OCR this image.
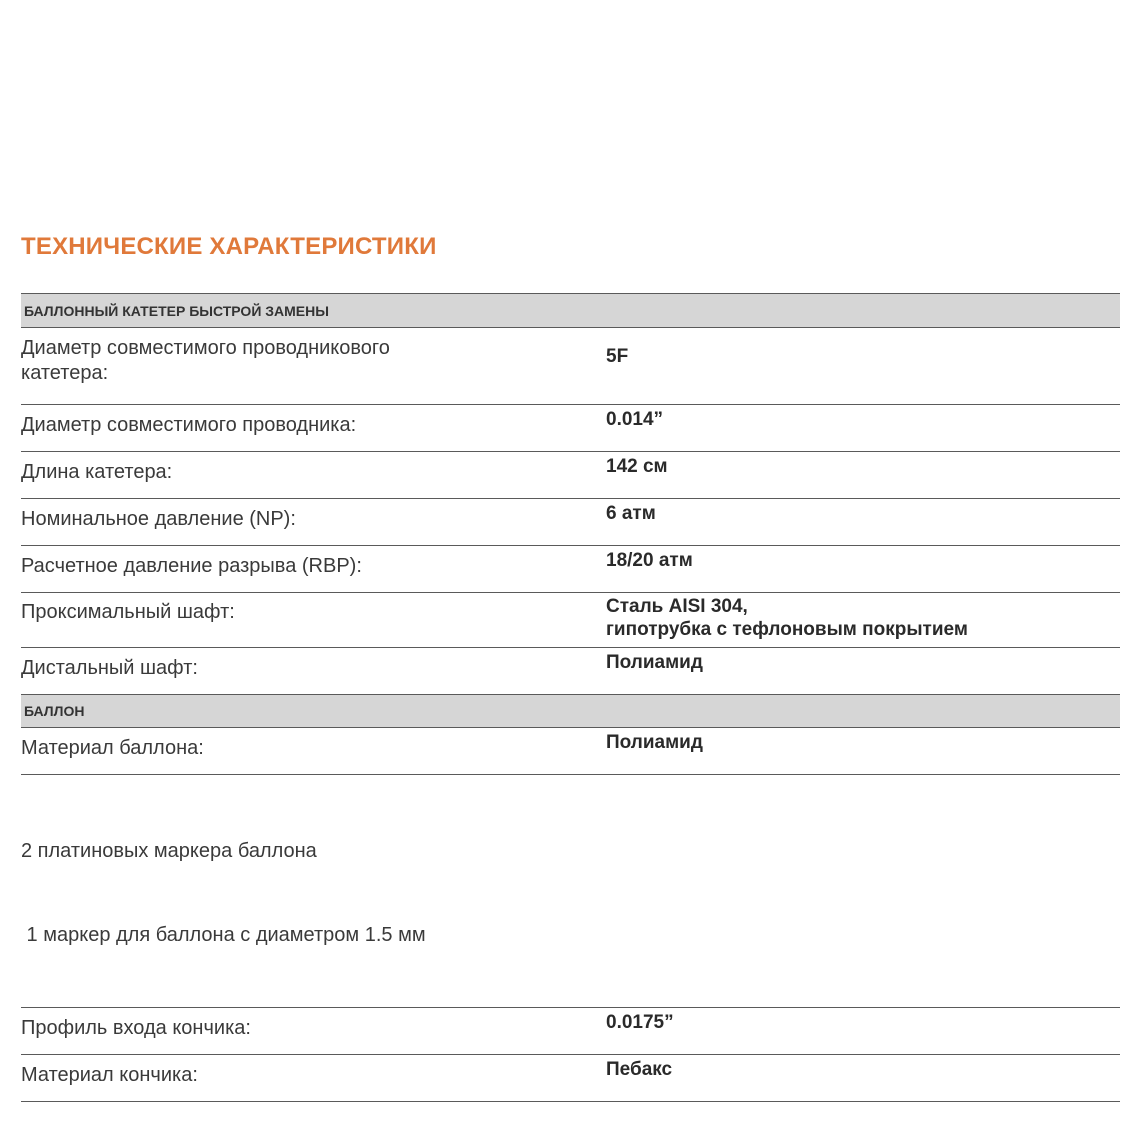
ТЕХНИЧЕСКИЕ ХАРАКТЕРИСТИКИ
БАЛЛОННЫЙ КАТЕТЕР БЫСТРОЙ ЗАМЕНЫ	

Диаметр совместимого проводникового
катетера:	5F

Диаметр совместимого проводника:	0.014”

Длина катетера:	142 см

Номинальное давление (NP):	6 атм

Расчетное давление разрыва (RBP):	18/20 атм

Проксимальный шафт:	Сталь AISI 304,
гипотрубка с тефлоновым покрытием

Дистальный шафт:	Полиамид

БАЛЛОН	

Материал баллона:	Полиамид

2 платиновых маркера баллона

1 маркер для баллона с диаметром 1.5 мм	

Профиль входа кончика:	0.0175”

Материал кончика:	Пебакс
